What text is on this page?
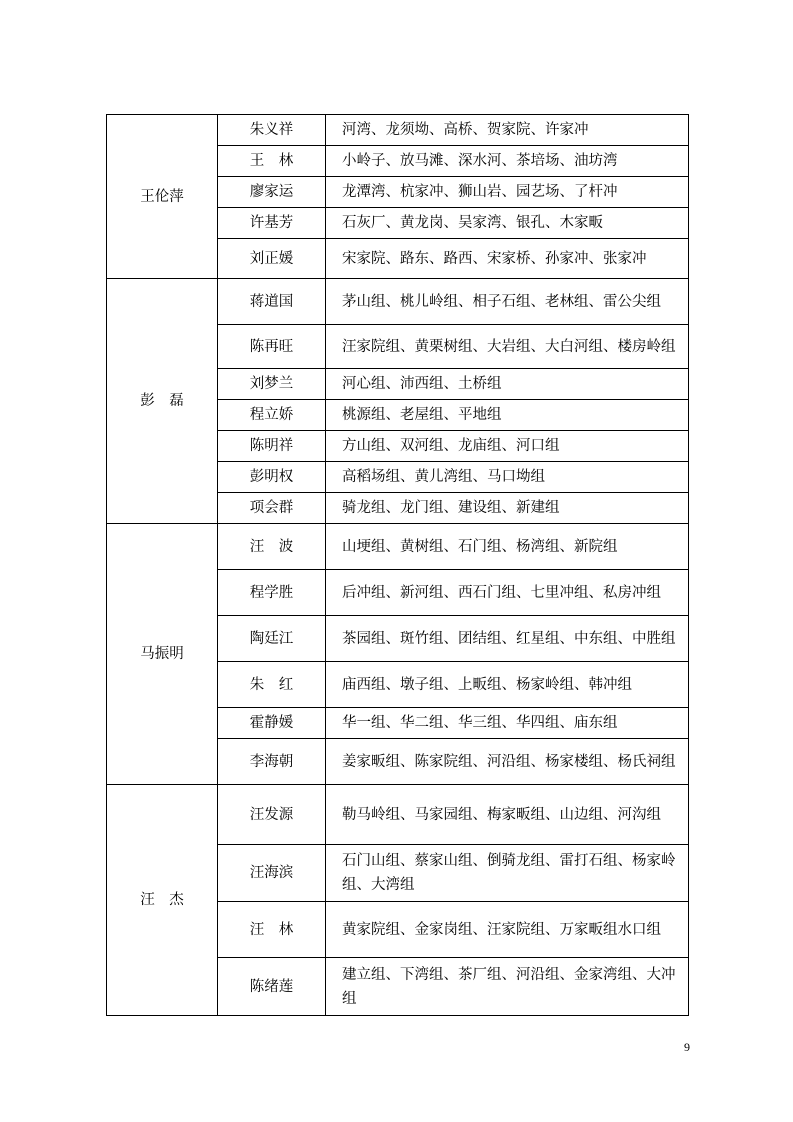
王伦萍	朱义祥	河湾、龙须坳、高桥、贺家院、许家冲
	王　林	小岭子、放马滩、深水河、茶培场、油坊湾
	廖家运	龙潭湾、杭家冲、狮山岩、园艺场、了杆冲
	许基芳	石灰厂、黄龙岗、吴家湾、银孔、木家畈
	刘正媛	宋家院、路东、路西、宋家桥、孙家冲、张家冲
彭　磊	蒋道国	茅山组、桃儿岭组、相子石组、老林组、雷公尖组
	陈再旺	汪家院组、黄栗树组、大岩组、大白河组、楼房岭组
	刘梦兰	河心组、沛西组、土桥组
	程立娇	桃源组、老屋组、平地组
	陈明祥	方山组、双河组、龙庙组、河口组
	彭明权	高稻场组、黄儿湾组、马口坳组
	项会群	骑龙组、龙门组、建设组、新建组
马振明	汪　波	山埂组、黄树组、石门组、杨湾组、新院组
	程学胜	后冲组、新河组、西石门组、七里冲组、私房冲组
	陶廷江	茶园组、斑竹组、团结组、红星组、中东组、中胜组
	朱　红	庙西组、墩子组、上畈组、杨家岭组、韩冲组
	霍静媛	华一组、华二组、华三组、华四组、庙东组
	李海朝	姜家畈组、陈家院组、河沿组、杨家楼组、杨氏祠组
汪　杰	汪发源	勒马岭组、马家园组、梅家畈组、山边组、河沟组
	汪海滨	石门山组、蔡家山组、倒骑龙组、雷打石组、杨家岭组、大湾组
	汪　林	黄家院组、金家岗组、汪家院组、万家畈组水口组
	陈绪莲	建立组、下湾组、茶厂组、河沿组、金家湾组、大冲组
9
